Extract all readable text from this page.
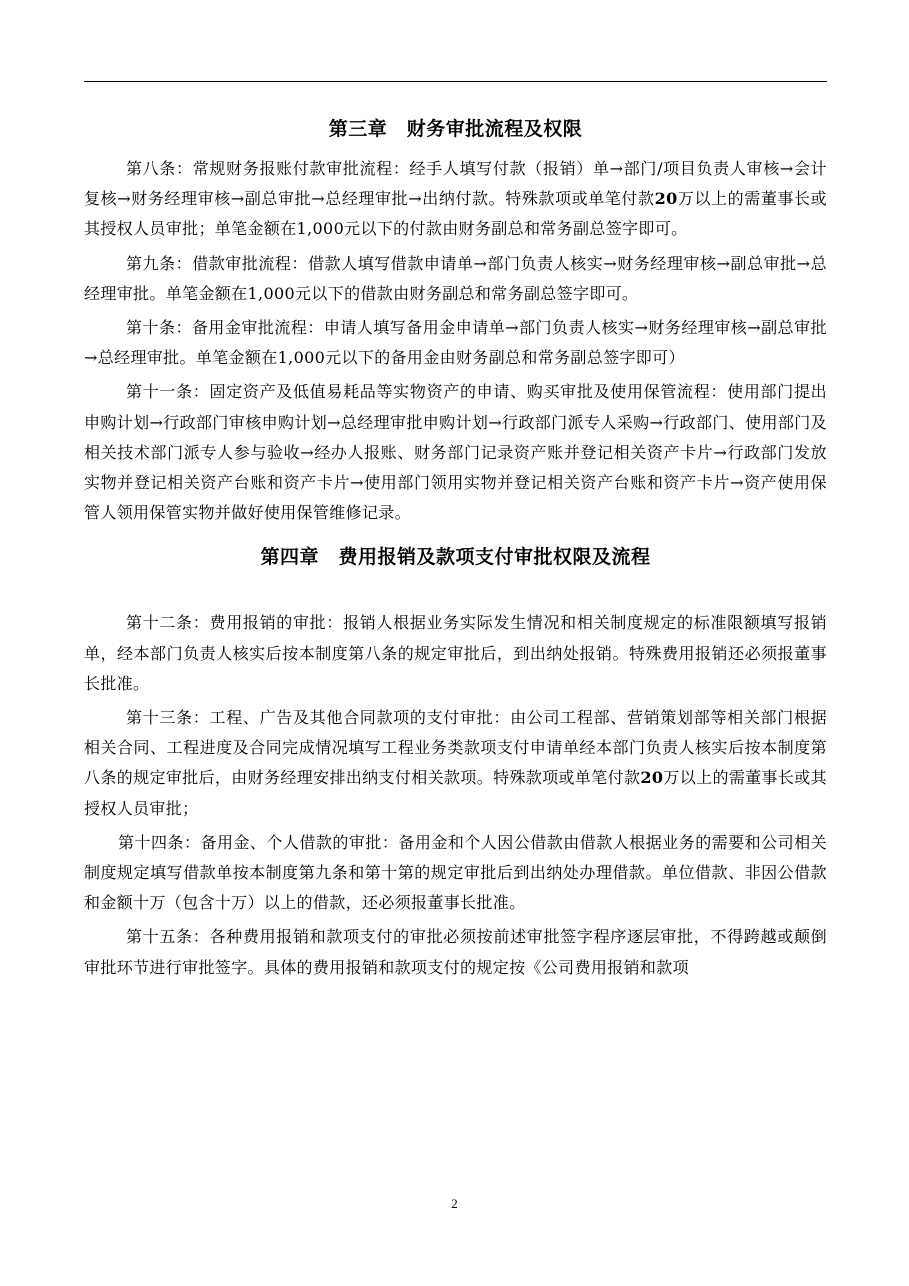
第三章　财务审批流程及权限

第八条：常规财务报账付款审批流程：经手人填写付款（报销）单→部门/项目负责人审核→会计复核→财务经理审核→副总审批→总经理审批→出纳付款。特殊款项或单笔付款20万以上的需董事长或其授权人员审批；单笔金额在1,000元以下的付款由财务副总和常务副总签字即可。

第九条：借款审批流程：借款人填写借款申请单→部门负责人核实→财务经理审核→副总审批→总经理审批。单笔金额在1,000元以下的借款由财务副总和常务副总签字即可。

第十条：备用金审批流程：申请人填写备用金申请单→部门负责人核实→财务经理审核→副总审批→总经理审批。单笔金额在1,000元以下的备用金由财务副总和常务副总签字即可）

第十一条：固定资产及低值易耗品等实物资产的申请、购买审批及使用保管流程：使用部门提出申购计划→行政部门审核申购计划→总经理审批申购计划→行政部门派专人采购→行政部门、使用部门及相关技术部门派专人参与验收→经办人报账、财务部门记录资产账并登记相关资产卡片→行政部门发放实物并登记相关资产台账和资产卡片→使用部门领用实物并登记相关资产台账和资产卡片→资产使用保管人领用保管实物并做好使用保管维修记录。

第四章　费用报销及款项支付审批权限及流程

第十二条：费用报销的审批：报销人根据业务实际发生情况和相关制度规定的标准限额填写报销单，经本部门负责人核实后按本制度第八条的规定审批后，到出纳处报销。特殊费用报销还必须报董事长批准。

第十三条：工程、广告及其他合同款项的支付审批：由公司工程部、营销策划部等相关部门根据相关合同、工程进度及合同完成情况填写工程业务类款项支付申请单经本部门负责人核实后按本制度第八条的规定审批后，由财务经理安排出纳支付相关款项。特殊款项或单笔付款20万以上的需董事长或其授权人员审批；

第十四条：备用金、个人借款的审批：备用金和个人因公借款由借款人根据业务的需要和公司相关制度规定填写借款单按本制度第九条和第十第的规定审批后到出纳处办理借款。单位借款、非因公借款和金额十万（包含十万）以上的借款，还必须报董事长批准。

第十五条：各种费用报销和款项支付的审批必须按前述审批签字程序逐层审批，不得跨越或颠倒审批环节进行审批签字。具体的费用报销和款项支付的规定按《公司费用报销和款项

2
